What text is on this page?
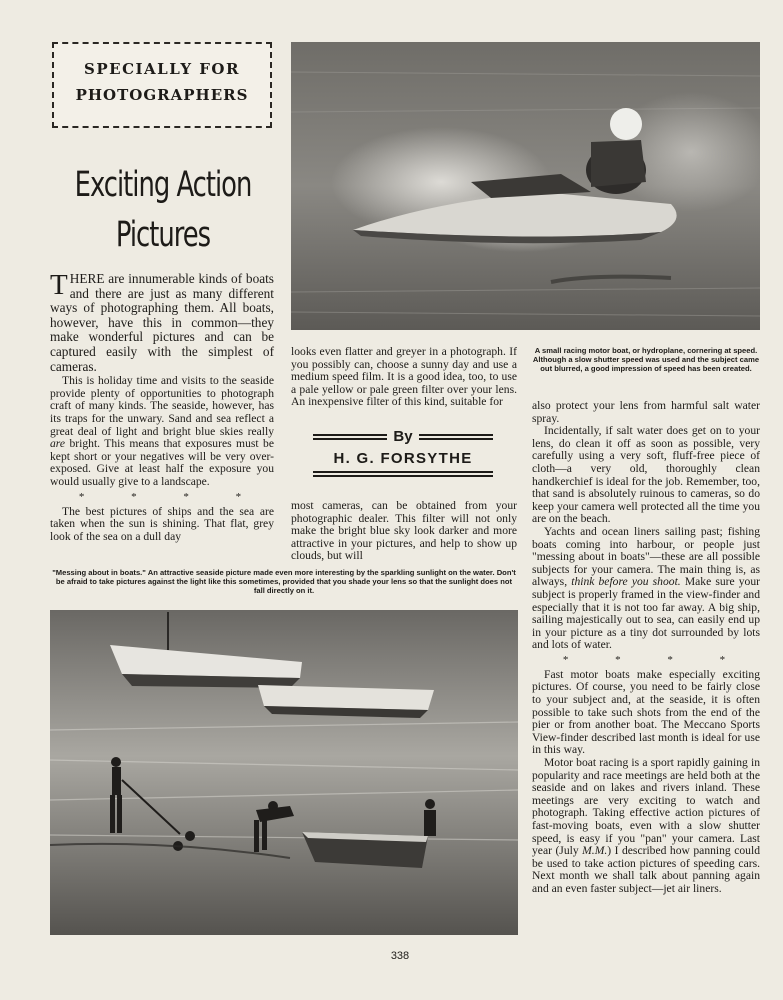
SPECIALLY FOR
PHOTOGRAPHERS
Exciting Action
Pictures
A small racing motor boat, or hydroplane, cornering at speed. Although a slow shutter speed was used and the subject came out blurred, a good impression of speed has been created.

THERE are innumerable kinds of boats and there are just as many different ways of photographing them. All boats, however, have this in common—they make wonderful pictures and can be captured easily with the simplest of cameras.

This is holiday time and visits to the seaside provide plenty of opportunities to photograph craft of many kinds. The seaside, however, has its traps for the unwary. Sand and sea reflect a great deal of light and bright blue skies really are bright. This means that exposures must be kept short or your negatives will be very over-exposed. Give at least half the exposure you would usually give to a landscape.

* * * *

The best pictures of ships and the sea are taken when the sun is shining. That flat, grey look of the sea on a dull day

looks even flatter and greyer in a photograph. If you possibly can, choose a sunny day and use a medium speed film. It is a good idea, too, to use a pale yellow or pale green filter over your lens. An inexpensive filter of this kind, suitable for

By
H. G. FORSYTHE

most cameras, can be obtained from your photographic dealer. This filter will not only make the bright blue sky look darker and more attractive in your pictures, and help to show up clouds, but will

"Messing about in boats." An attractive seaside picture made even more interesting by the sparkling sunlight on the water. Don't be afraid to take pictures against the light like this sometimes, provided that you shade your lens so that the sunlight does not fall directly on it.

also protect your lens from harmful salt water spray.

Incidentally, if salt water does get on to your lens, do clean it off as soon as possible, very carefully using a very soft, fluff-free piece of cloth—a very old, thoroughly clean handkerchief is ideal for the job. Remember, too, that sand is absolutely ruinous to cameras, so do keep your camera well protected all the time you are on the beach.

Yachts and ocean liners sailing past; fishing boats coming into harbour, or people just "messing about in boats"—these are all possible subjects for your camera. The main thing is, as always, think before you shoot. Make sure your subject is properly framed in the view-finder and especially that it is not too far away. A big ship, sailing majestically out to sea, can easily end up in your picture as a tiny dot surrounded by lots and lots of water.

* * * *

Fast motor boats make especially exciting pictures. Of course, you need to be fairly close to your subject and, at the seaside, it is often possible to take such shots from the end of the pier or from another boat. The Meccano Sports View-finder described last month is ideal for use in this way.

Motor boat racing is a sport rapidly gaining in popularity and race meetings are held both at the seaside and on lakes and rivers inland. These meetings are very exciting to watch and photograph. Taking effective action pictures of fast-moving boats, even with a slow shutter speed, is easy if you "pan" your camera. Last year (July M.M.) I described how panning could be used to take action pictures of speeding cars. Next month we shall talk about panning again and an even faster subject—jet air liners.

338
